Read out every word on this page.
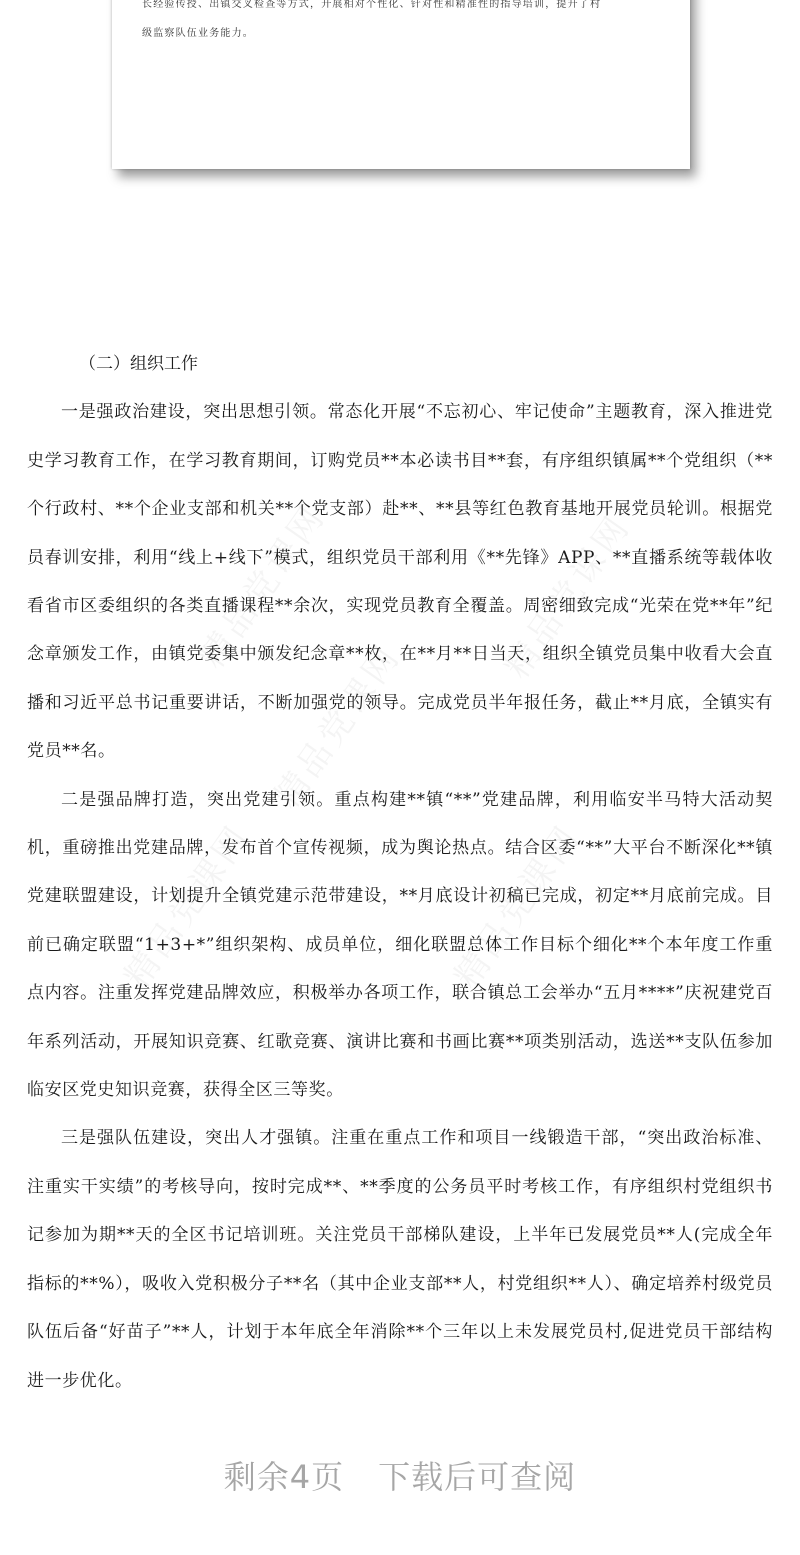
长经验传授、出镇交叉检查等方式，开展相对个性化、针对性和精准性的指导培训，提升了村
级监察队伍业务能力。
精品党课网	精品党课网
精品党课网
精品党课网	精品党课网
（二）组织工作

一是强政治建设，突出思想引领。常态化开展“不忘初心、牢记使命”主题教育，深入推进党史学习教育工作，在学习教育期间，订购党员**本必读书目**套，有序组织镇属**个党组织（**个行政村、**个企业支部和机关**个党支部）赴**、**县等红色教育基地开展党员轮训。根据党员春训安排，利用“线上+线下”模式，组织党员干部利用《**先锋》APP、**直播系统等载体收看省市区委组织的各类直播课程**余次，实现党员教育全覆盖。周密细致完成“光荣在党**年”纪念章颁发工作，由镇党委集中颁发纪念章**枚，在**月**日当天，组织全镇党员集中收看大会直播和习近平总书记重要讲话，不断加强党的领导。完成党员半年报任务，截止**月底，全镇实有党员**名。

二是强品牌打造，突出党建引领。重点构建**镇“**”党建品牌，利用临安半马特大活动契机，重磅推出党建品牌，发布首个宣传视频，成为舆论热点。结合区委“**”大平台不断深化**镇党建联盟建设，计划提升全镇党建示范带建设，**月底设计初稿已完成，初定**月底前完成。目前已确定联盟“1+3+*”组织架构、成员单位，细化联盟总体工作目标个细化**个本年度工作重点内容。注重发挥党建品牌效应，积极举办各项工作，联合镇总工会举办“五月****”庆祝建党百年系列活动，开展知识竞赛、红歌竞赛、演讲比赛和书画比赛**项类别活动，选送**支队伍参加临安区党史知识竞赛，获得全区三等奖。

三是强队伍建设，突出人才强镇。注重在重点工作和项目一线锻造干部，“突出政治标准、注重实干实绩”的考核导向，按时完成**、**季度的公务员平时考核工作，有序组织村党组织书记参加为期**天的全区书记培训班。关注党员干部梯队建设，上半年已发展党员**人(完成全年指标的**%），吸收入党积极分子**名（其中企业支部**人，村党组织**人）、确定培养村级党员队伍后备“好苗子”**人，计划于本年底全年消除**个三年以上未发展党员村,促进党员干部结构进一步优化。

剩余4页 下载后可查阅
